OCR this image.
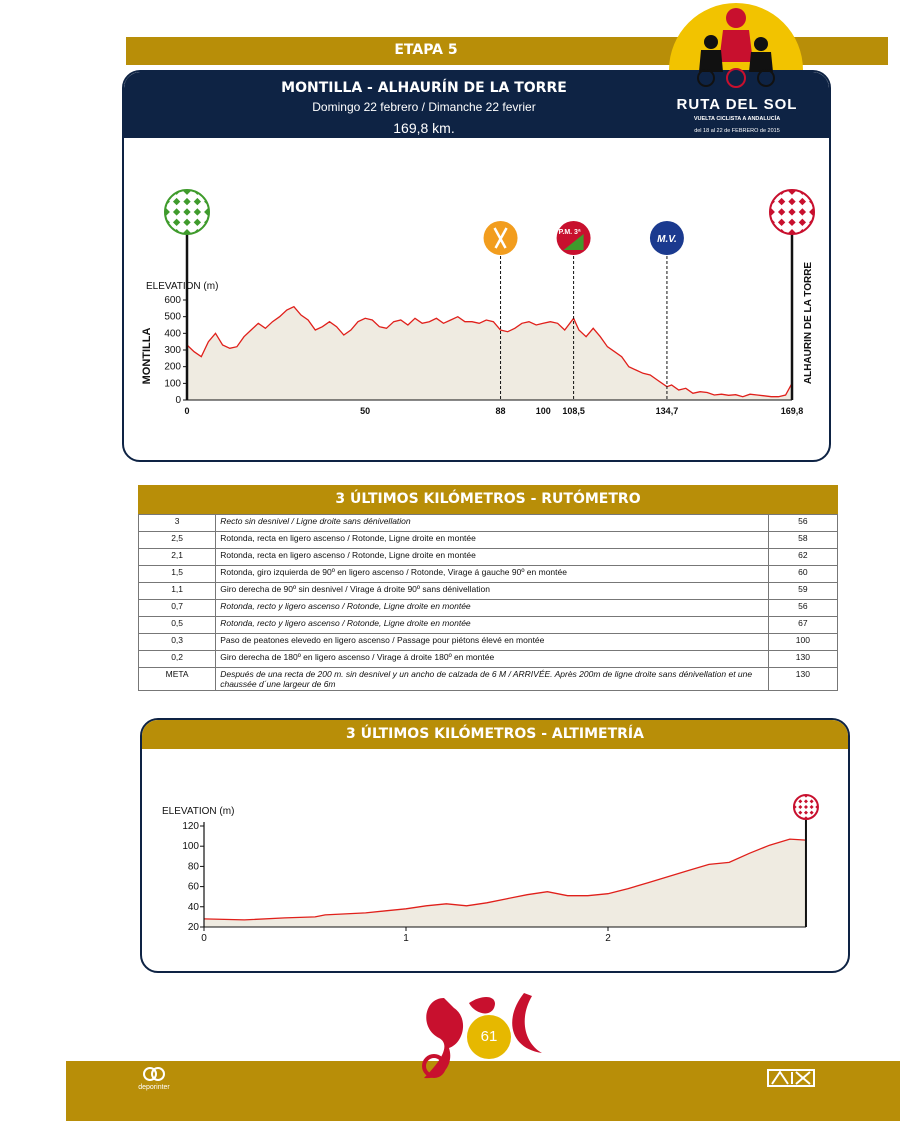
ETAPA 5
MONTILLA - ALHAURÍN DE LA TORRE
Domingo 22 febrero / Dimanche 22 fevrier
169,8 km.
RUTA DEL SOL
VUELTA CICLISTA A ANDALUCÍA
del 18 al 22 de FEBRERO de 2015
0
100
200
300
400
500
600
ELEVATION (m)
0	50	88	100 108,5	134,7	169,8
MONTILLA	ALHAURIN DE LA TORRE
P.M. 3ª
M.V.
3 ÚLTIMOS KILÓMETROS - RUTÓMETRO
3	Recto sin desnivel / Ligne droite sans dénivellation	56
2,5	Rotonda, recta en ligero ascenso / Rotonde, Ligne droite en montée	58
2,1	Rotonda, recta en ligero ascenso / Rotonde, Ligne droite en montée	62
1,5	Rotonda, giro izquierda de 90º en ligero ascenso / Rotonde, Virage á gauche 90º en montée	60
1,1	Giro derecha de 90º sin desnivel / Virage á droite 90º sans dénivellation	59
0,7	Rotonda, recto y ligero ascenso / Rotonde, Ligne droite en montée	56
0,5	Rotonda, recto y ligero ascenso / Rotonde, Ligne droite en montée	67
0,3	Paso de peatones elevedo en ligero ascenso / Passage pour piétons élevé en montée	100
0,2	Giro derecha de 180º en ligero ascenso / Virage á droite 180º en montée	130
META	Después de una recta de 200 m. sin desnivel y un ancho de calzada de 6 M / ARRIVÉE. Après 200m de ligne droite sans dénivellation et une chaussée d´une largeur de 6m	130
3 ÚLTIMOS KILÓMETROS - ALTIMETRÍA
20
40
60
80
100
120
0	1	2
ELEVATION (m)
61
deporinter
